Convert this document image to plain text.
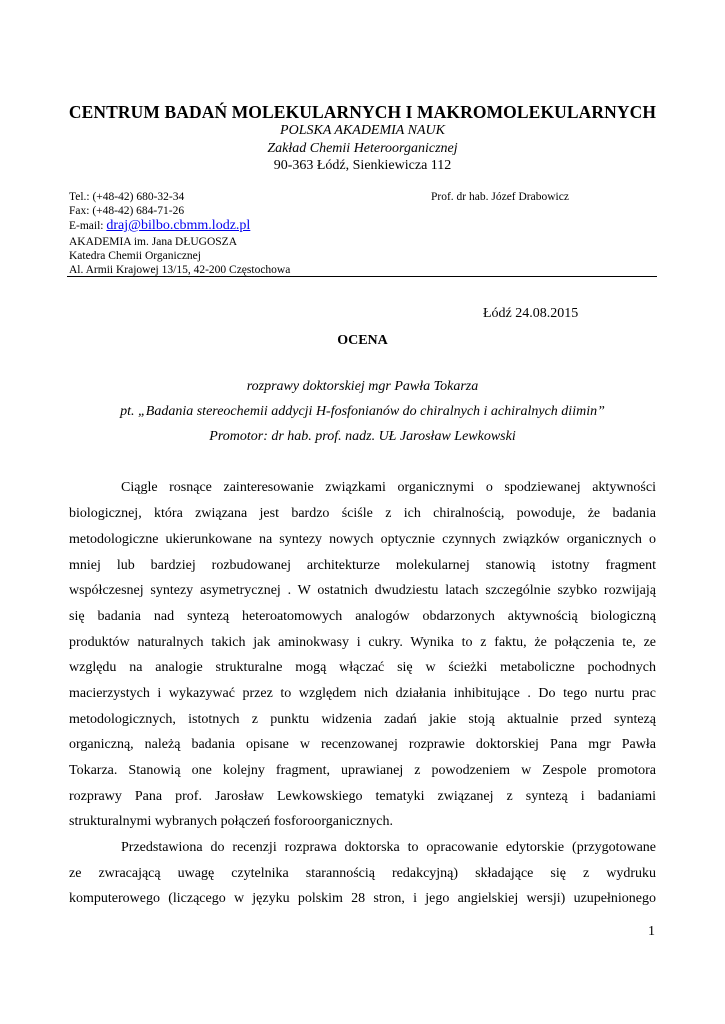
CENTRUM BADAŃ MOLEKULARNYCH I MAKROMOLEKULARNYCH
POLSKA AKADEMIA NAUK
Zakład Chemii Heteroorganicznej
90-363 Łódź, Sienkiewicza 112
Tel.: (+48-42) 680-32-34	Prof. dr hab. Józef Drabowicz
Fax: (+48-42) 684-71-26
E-mail: draj@bilbo.cbmm.lodz.pl
AKADEMIA im. Jana DŁUGOSZA
Katedra Chemii Organicznej
Al. Armii Krajowej 13/15, 42-200 Częstochowa
Łódź 24.08.2015
OCENA
rozprawy doktorskiej mgr Pawła Tokarza
pt. „Badania stereochemii addycji H-fosfonianów do chiralnych i achiralnych diimin”
Promotor: dr hab. prof. nadz. UŁ Jarosław Lewkowski
Ciągle rosnące zainteresowanie związkami organicznymi o spodziewanej aktywności
biologicznej, która związana jest bardzo ściśle z ich chiralnością, powoduje, że badania
metodologiczne ukierunkowane na syntezy nowych optycznie czynnych związków organicznych o
mniej lub bardziej rozbudowanej architekturze molekularnej stanowią istotny fragment
współczesnej syntezy asymetrycznej . W ostatnich dwudziestu latach szczególnie szybko rozwijają
się badania nad syntezą heteroatomowych analogów obdarzonych aktywnością biologiczną
produktów naturalnych takich jak aminokwasy i cukry. Wynika to z faktu, że połączenia te, ze
względu na analogie strukturalne mogą włączać się w ścieżki metaboliczne pochodnych
macierzystych i wykazywać przez to względem nich działania inhibitujące . Do tego nurtu prac
metodologicznych, istotnych z punktu widzenia zadań jakie stoją aktualnie przed syntezą
organiczną, należą badania opisane w recenzowanej rozprawie doktorskiej Pana mgr Pawła
Tokarza. Stanowią one kolejny fragment, uprawianej z powodzeniem w Zespole promotora
rozprawy Pana prof. Jarosław Lewkowskiego tematyki związanej z syntezą i badaniami
strukturalnymi wybranych połączeń fosforoorganicznych.
Przedstawiona do recenzji rozprawa doktorska to opracowanie edytorskie (przygotowane
ze zwracającą uwagę czytelnika starannością redakcyjną) składające się z wydruku
komputerowego (liczącego w języku polskim 28 stron, i jego angielskiej wersji) uzupełnionego
1
